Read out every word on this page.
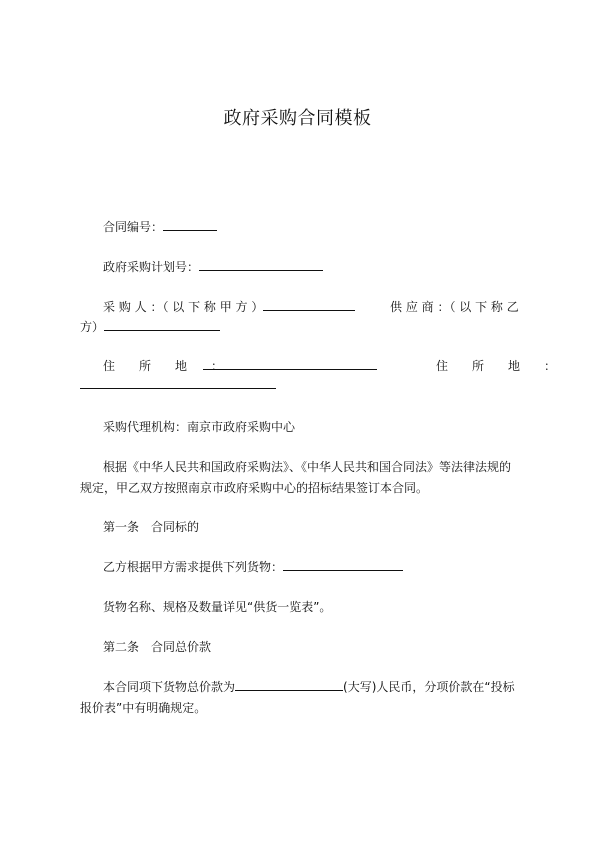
政府采购合同模板
合同编号：
政府采购计划号：
采 购 人 ：（ 以 下 称 甲 方 ）	供 应 商 ：（ 以 下 称 乙
方）
住　　所　　地　　：	住　　所　　地　　：
采购代理机构：南京市政府采购中心
根据《中华人民共和国政府采购法》、《中华人民共和国合同法》等法律法规的
规定，甲乙双方按照南京市政府采购中心的招标结果签订本合同。
第一条　合同标的
乙方根据甲方需求提供下列货物：
货物名称、规格及数量详见“供货一览表”。
第二条　合同总价款
本合同项下货物总价款为	(大写)人民币，分项价款在“投标
报价表”中有明确规定。
